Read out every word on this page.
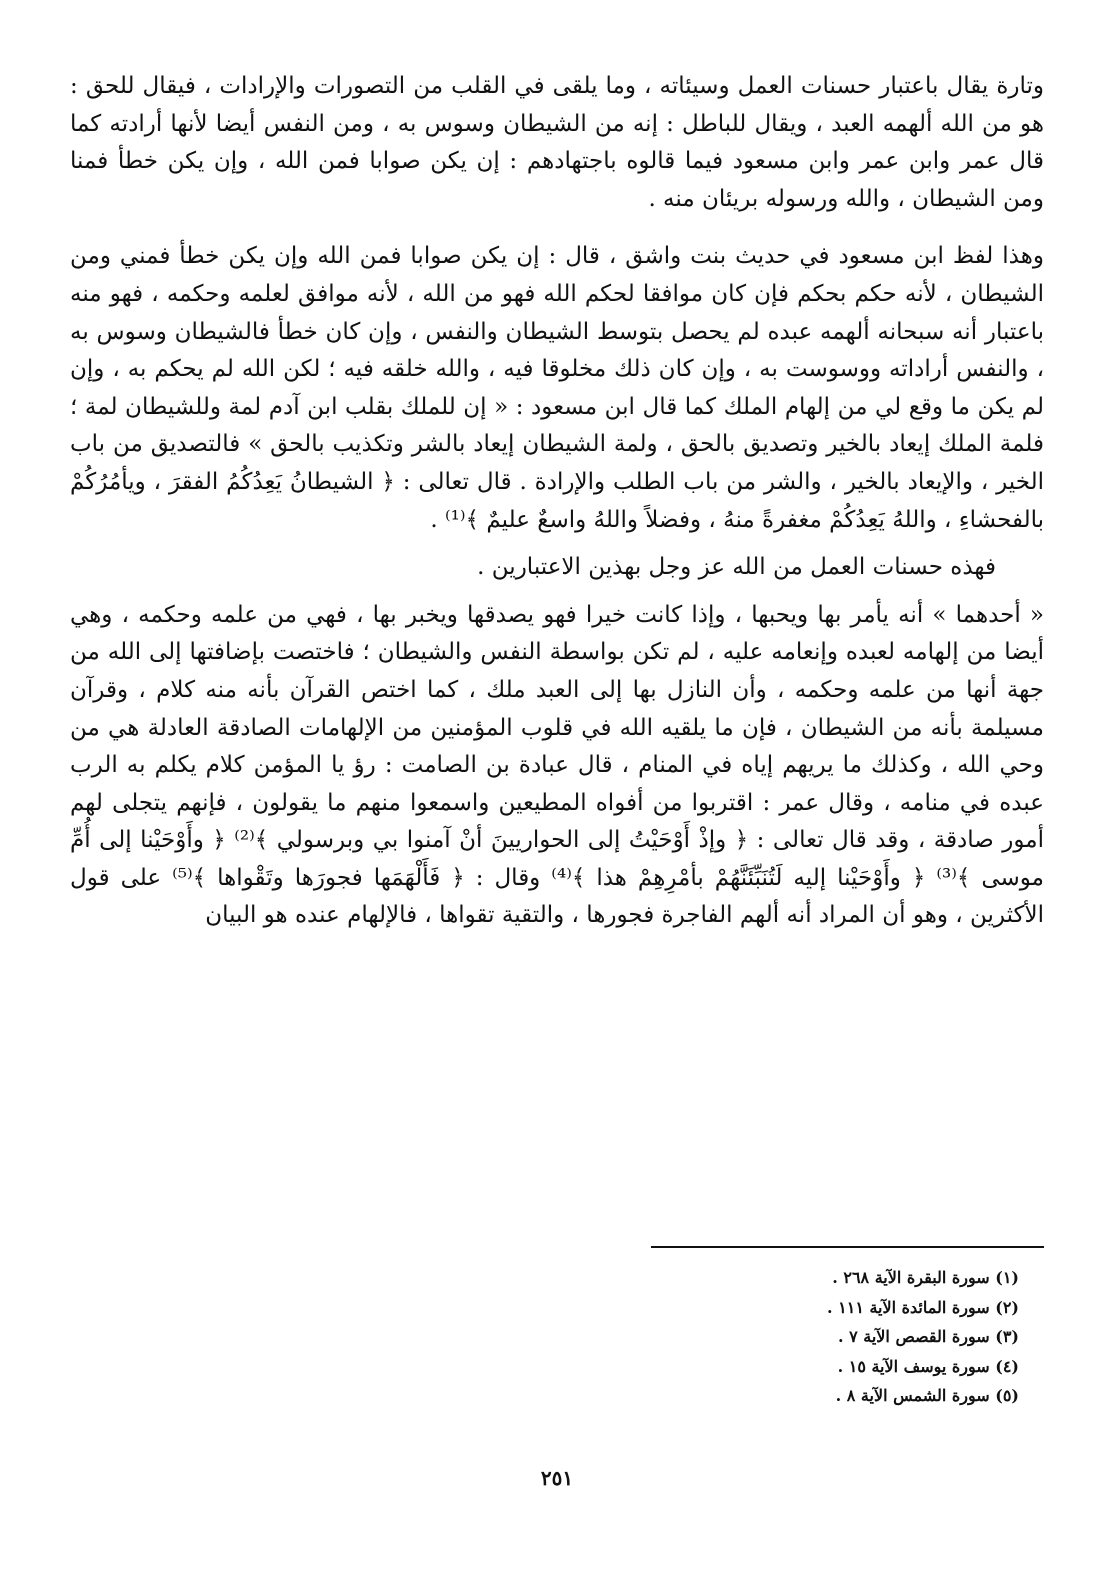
وتارة يقال باعتبار حسنات العمل وسيئاته ، وما يلقى في القلب من التصورات والإرادات ، فيقال للحق : هو من الله ألهمه العبد ، ويقال للباطل : إنه من الشيطان وسوس به ، ومن النفس أيضا لأنها أرادته كما قال عمر وابن عمر وابن مسعود فيما قالوه باجتهادهم : إن يكن صوابا فمن الله ، وإن يكن خطأ فمنا ومن الشيطان ، والله ورسوله بريئان منه .

وهذا لفظ ابن مسعود في حديث بنت واشق ، قال : إن يكن صوابا فمن الله وإن يكن خطأ فمني ومن الشيطان ، لأنه حكم بحكم فإن كان موافقا لحكم الله فهو من الله ، لأنه موافق لعلمه وحكمه ، فهو منه باعتبار أنه سبحانه ألهمه عبده لم يحصل بتوسط الشيطان والنفس ، وإن كان خطأ فالشيطان وسوس به ، والنفس أراداته ووسوست به ، وإن كان ذلك مخلوقا فيه ، والله خلقه فيه ؛ لكن الله لم يحكم به ، وإن لم يكن ما وقع لي من إلهام الملك كما قال ابن مسعود : « إن للملك بقلب ابن آدم لمة وللشيطان لمة ؛ فلمة الملك إيعاد بالخير وتصديق بالحق ، ولمة الشيطان إيعاد بالشر وتكذيب بالحق » فالتصديق من باب الخير ، والإيعاد بالخير ، والشر من باب الطلب والإرادة . قال تعالى : ﴿ الشيطانُ يَعِدُكُمُ الفقرَ ، ويأمُرُكُمْ بالفحشاءِ ، واللهُ يَعِدُكُمْ مغفرةً منهُ ، وفضلاً واللهُ واسعٌ عليمٌ ﴾⁽¹⁾ .

فهذه حسنات العمل من الله عز وجل بهذين الاعتبارين .

« أحدهما » أنه يأمر بها ويحبها ، وإذا كانت خيرا فهو يصدقها ويخبر بها ، فهي من علمه وحكمه ، وهي أيضا من إلهامه لعبده وإنعامه عليه ، لم تكن بواسطة النفس والشيطان ؛ فاختصت بإضافتها إلى الله من جهة أنها من علمه وحكمه ، وأن النازل بها إلى العبد ملك ، كما اختص القرآن بأنه منه كلام ، وقرآن مسيلمة بأنه من الشيطان ، فإن ما يلقيه الله في قلوب المؤمنين من الإلهامات الصادقة العادلة هي من وحي الله ، وكذلك ما يريهم إياه في المنام ، قال عبادة بن الصامت : رؤ يا المؤمن كلام يكلم به الرب عبده في منامه ، وقال عمر : اقتربوا من أفواه المطيعين واسمعوا منهم ما يقولون ، فإنهم يتجلى لهم أمور صادقة ، وقد قال تعالى : ﴿ وإذْ أَوْحَيْتُ إلى الحواريينَ أنْ آمنوا بي وبرسولي ﴾⁽²⁾ ﴿ وأَوْحَيْنا إلى أُمِّ موسى ﴾⁽³⁾ ﴿ وأَوْحَيْنا إليه لَتُنَبِّئَنَّهُمْ بأمْرِهِمْ هذا ﴾⁽⁴⁾ وقال : ﴿ فَأَلْهَمَها فجورَها وتَقْواها ﴾⁽⁵⁾ على قول الأكثرين ، وهو أن المراد أنه ألهم الفاجرة فجورها ، والتقية تقواها ، فالإلهام عنده هو البيان

(١) سورة البقرة الآية ٢٦٨ .
(٢) سورة المائدة الآية ١١١ .
(٣) سورة القصص الآية ٧ .
(٤) سورة يوسف الآية ١٥ .
(٥) سورة الشمس الآية ٨ .
٢٥١
